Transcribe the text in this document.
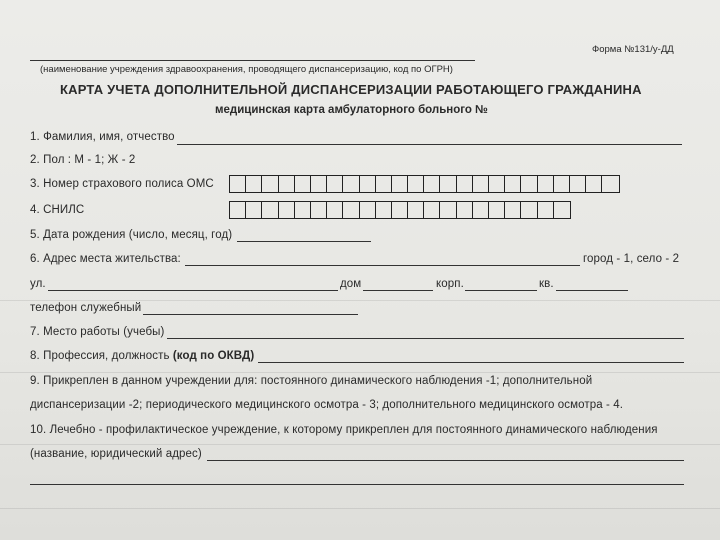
Форма №131/у-ДД
(наименование учреждения здравоохранения, проводящего диспансеризацию, код по ОГРН)
КАРТА УЧЕТА ДОПОЛНИТЕЛЬНОЙ ДИСПАНСЕРИЗАЦИИ РАБОТАЮЩЕГО ГРАЖДАНИНА
медицинская карта амбулаторного больного №
1. Фамилия, имя, отчество
2. Пол : М - 1; Ж - 2
3. Номер страхового полиса ОМС
4. СНИЛС
5. Дата рождения (число, месяц, год)
6. Адрес места жительства:	город - 1, село - 2
ул.	дом	корп.	кв.
телефон служебный
7. Место работы (учебы)
8. Профессия, должность (код по ОКВД)
9. Прикреплен в данном учреждении для: постоянного динамического наблюдения -1; дополнительной
диспансеризации -2; периодического медицинского осмотра - 3; дополнительного медицинского осмотра - 4.
10. Лечебно - профилактическое учреждение, к которому прикреплен для постоянного динамического наблюдения
(название, юридический адрес)
